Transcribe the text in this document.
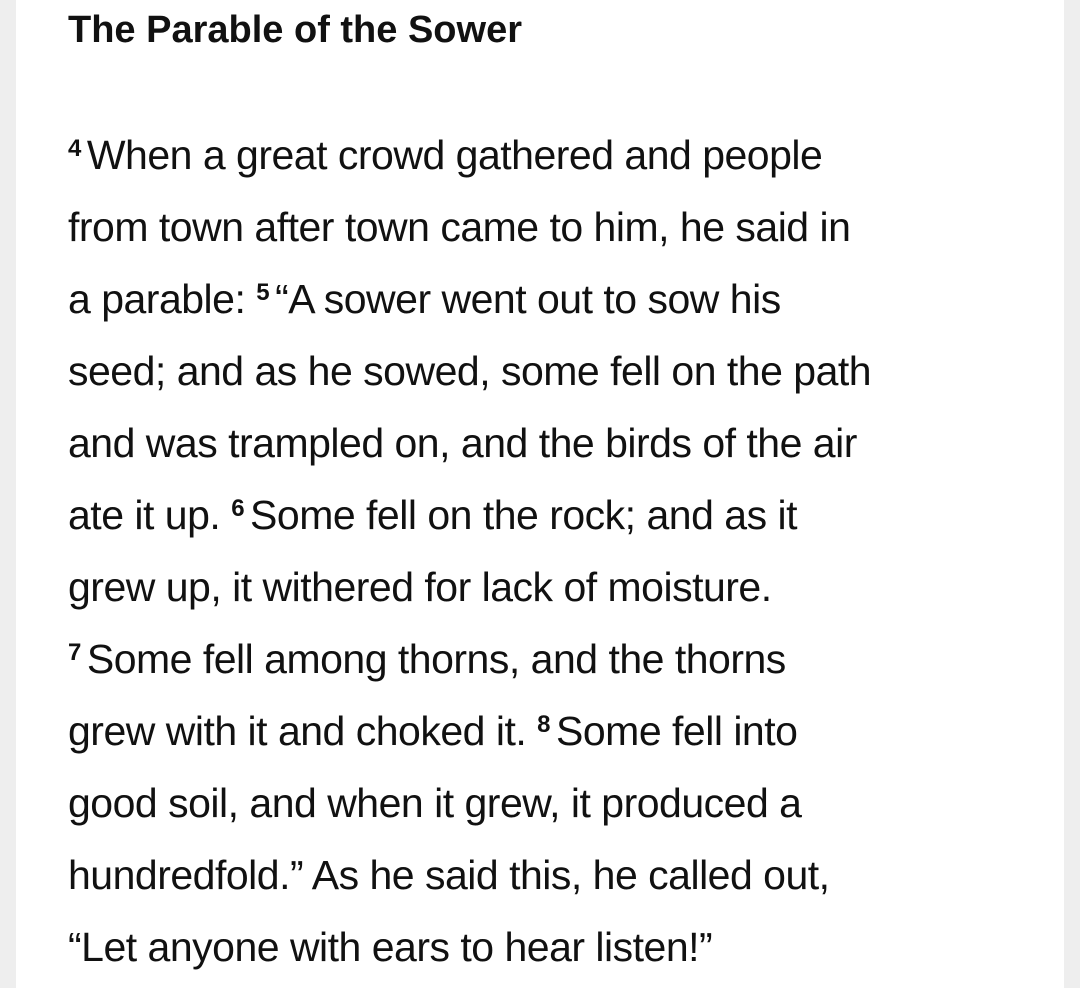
The Parable of the Sower
$^4$ When a great crowd gathered and people
from town after town came to him, he said in
a parable: $^5$ “A sower went out to sow his
seed; and as he sowed, some fell on the path
and was trampled on, and the birds of the air
ate it up. $^6$ Some fell on the rock; and as it
grew up, it withered for lack of moisture.
$^7$ Some fell among thorns, and the thorns
grew with it and choked it. $^8$ Some fell into
good soil, and when it grew, it produced a
hundredfold.” As he said this, he called out,
“Let anyone with ears to hear listen!”
